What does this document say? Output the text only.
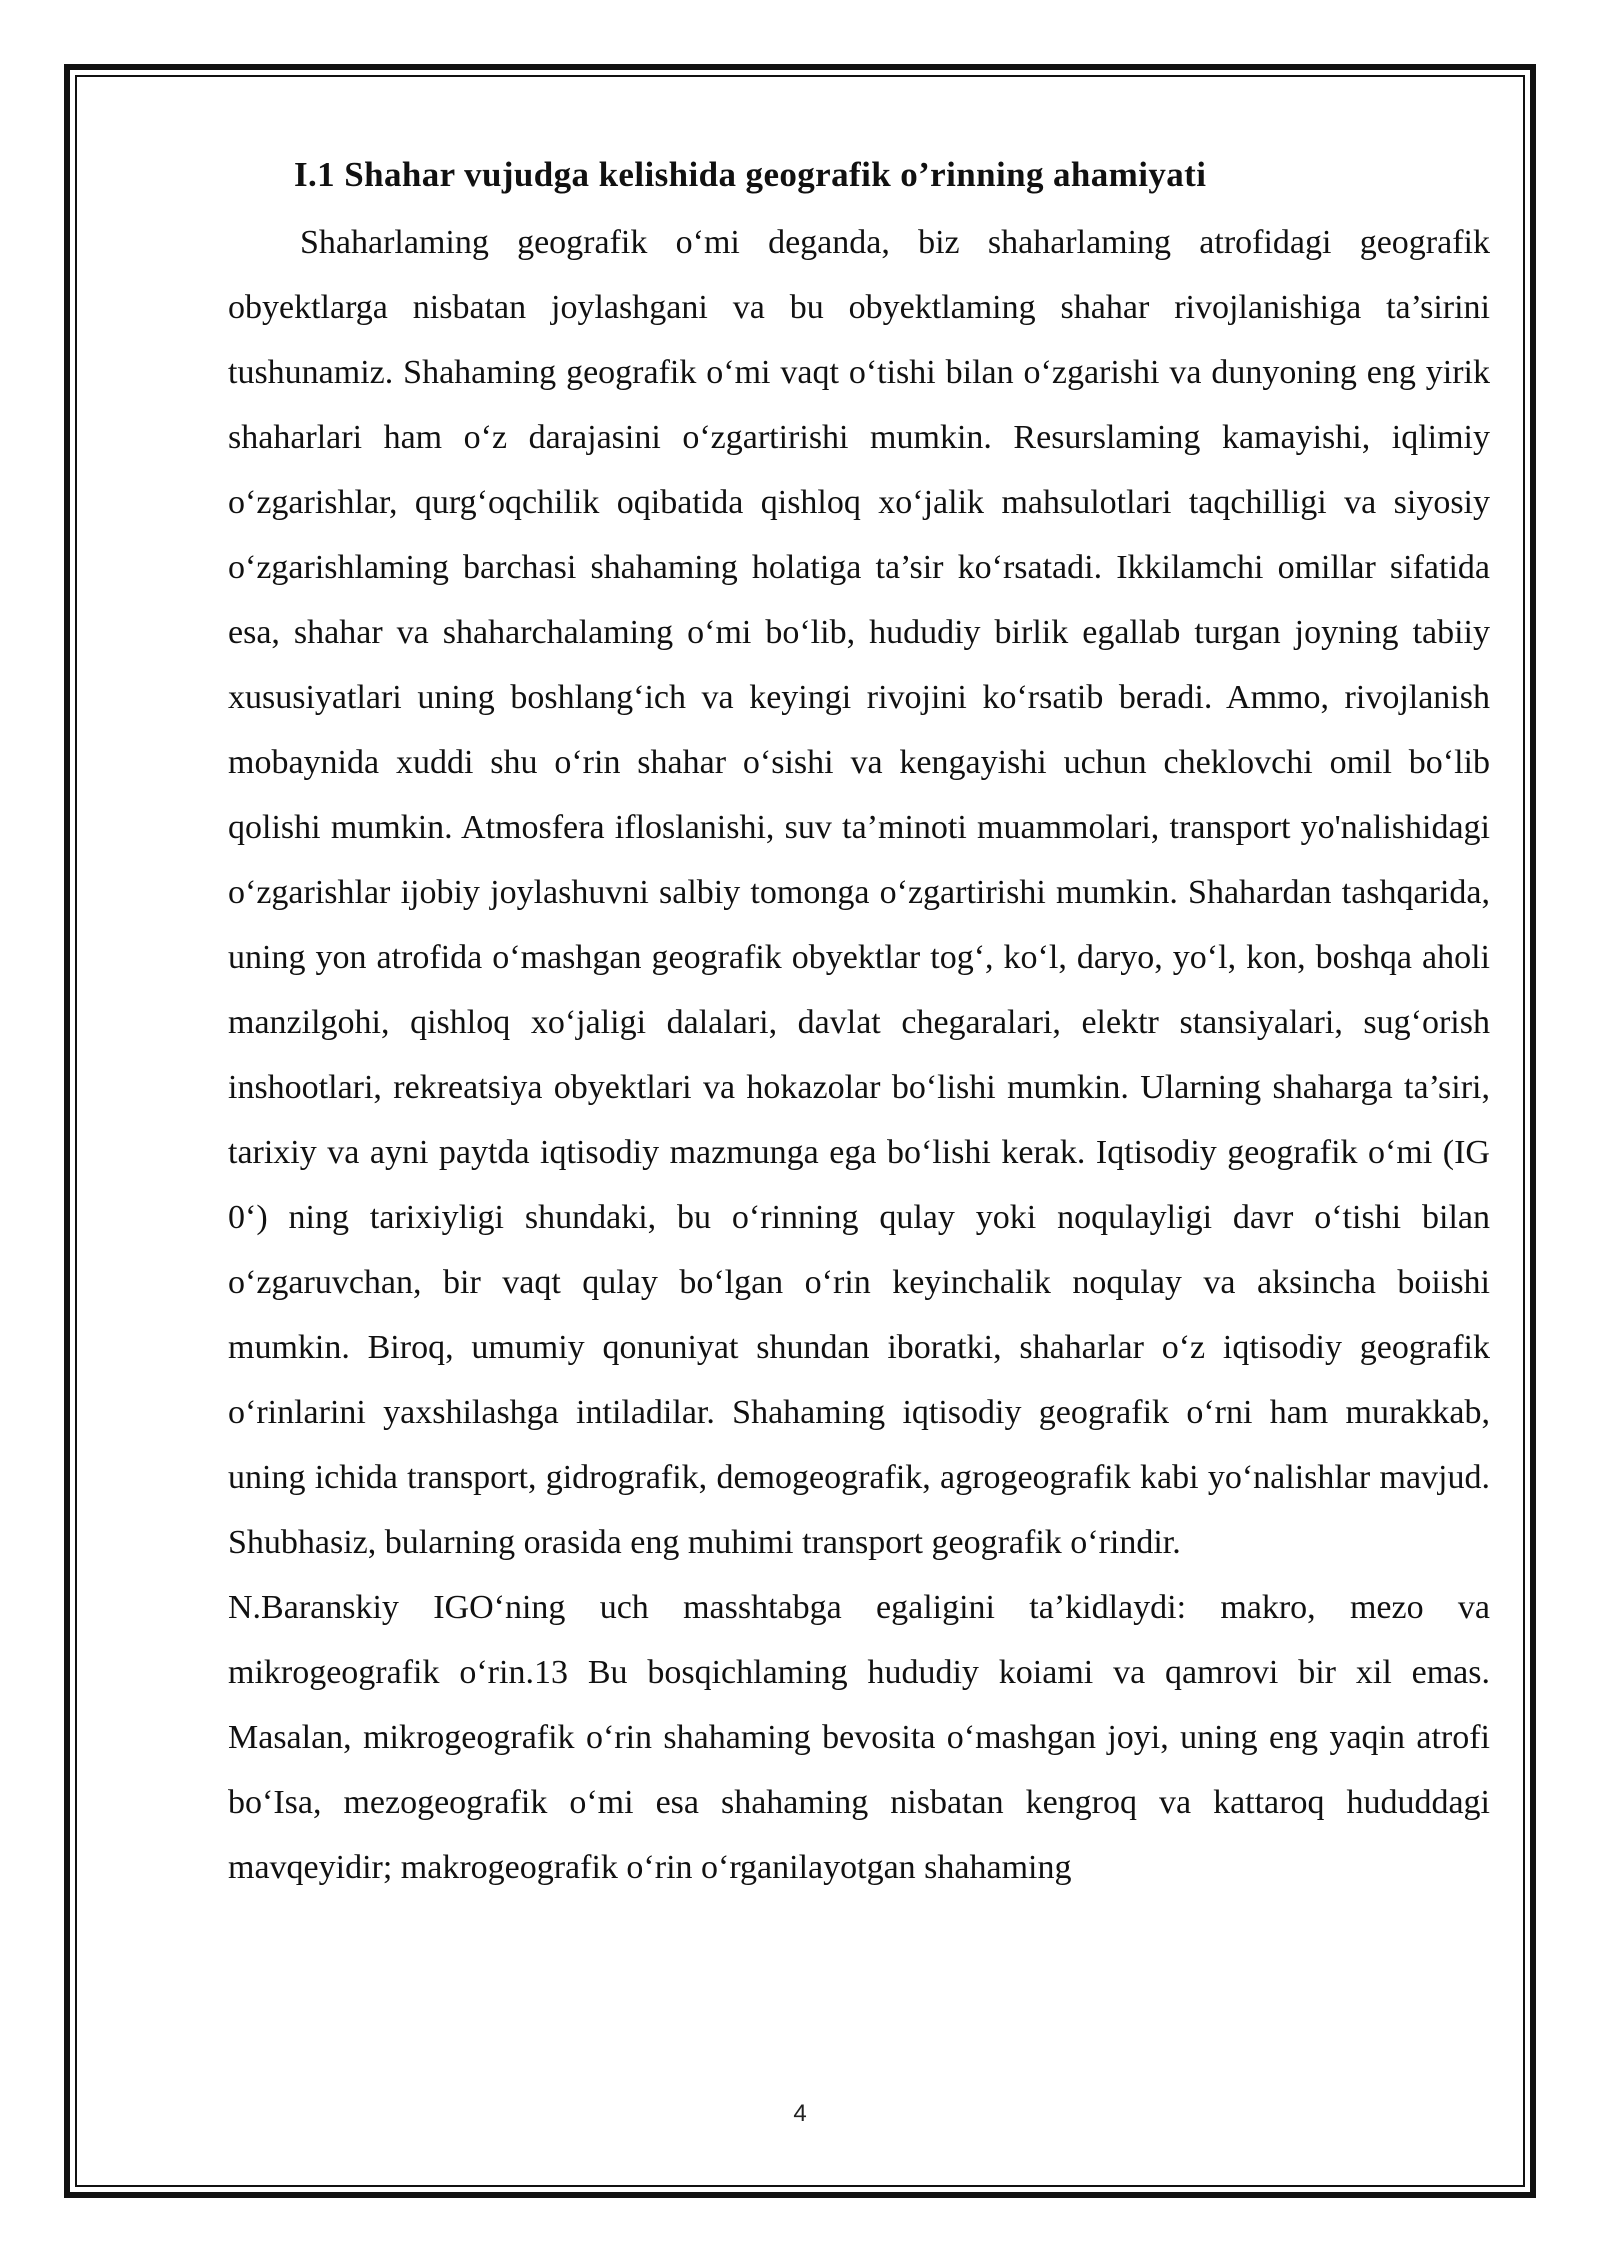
I.1 Shahar vujudga kelishida geografik o’rinning ahamiyati

Shaharlaming geografik o‘mi deganda, biz shaharlaming atrofidagi geografik obyektlarga nisbatan joylashgani va bu obyektlaming shahar rivojlanishiga ta’sirini tushunamiz. Shahaming geografik o‘mi vaqt o‘tishi bilan o‘zgarishi va dunyoning eng yirik shaharlari ham o‘z darajasini o‘zgartirishi mumkin. Resurslaming kamayishi, iqlimiy o‘zgarishlar, qurg‘oqchilik oqibatida qishloq xo‘jalik mahsulotlari taqchilligi va siyosiy o‘zgarishlaming barchasi shahaming holatiga ta’sir ko‘rsatadi. Ikkilamchi omillar sifatida esa, shahar va shaharchalaming o‘mi bo‘lib, hududiy birlik egallab turgan joyning tabiiy xususiyatlari uning boshlang‘ich va keyingi rivojini ko‘rsatib beradi. Ammo, rivojlanish mobaynida xuddi shu o‘rin shahar o‘sishi va kengayishi uchun cheklovchi omil bo‘lib qolishi mumkin. Atmosfera ifloslanishi, suv ta’minoti muammolari, transport yo'nalishidagi o‘zgarishlar ijobiy joylashuvni salbiy tomonga o‘zgartirishi mumkin. Shahardan tashqarida, uning yon atrofida o‘mashgan geografik obyektlar tog‘, ko‘l, daryo, yo‘l, kon, boshqa aholi manzilgohi, qishloq xo‘jaligi dalalari, davlat chegaralari, elektr stansiyalari, sug‘orish inshootlari, rekreatsiya obyektlari va hokazolar bo‘lishi mumkin. Ularning shaharga ta’siri, tarixiy va ayni paytda iqtisodiy mazmunga ega bo‘lishi kerak. Iqtisodiy geografik o‘mi (IG 0‘) ning tarixiyligi shundaki, bu o‘rinning qulay yoki noqulayligi davr o‘tishi bilan o‘zgaruvchan, bir vaqt qulay bo‘lgan o‘rin keyinchalik noqulay va aksincha boiishi mumkin. Biroq, umumiy qonuniyat shundan iboratki, shaharlar o‘z iqtisodiy geografik o‘rinlarini yaxshilashga intiladilar. Shahaming iqtisodiy geografik o‘rni ham murakkab, uning ichida transport, gidrografik, demogeografik, agrogeografik kabi yo‘nalishlar mavjud. Shubhasiz, bularning orasida eng muhimi transport geografik o‘rindir.

N.Baranskiy IGO‘ning uch masshtabga egaligini ta’kidlaydi: makro, mezo va mikrogeografik o‘rin.13 Bu bosqichlaming hududiy koiami va qamrovi bir xil emas. Masalan, mikrogeografik o‘rin shahaming bevosita o‘mashgan joyi, uning eng yaqin atrofi bo‘Isa, mezogeografik o‘mi esa shahaming nisbatan kengroq va kattaroq hududdagi mavqeyidir; makrogeografik o‘rin o‘rganilayotgan shahaming

4
